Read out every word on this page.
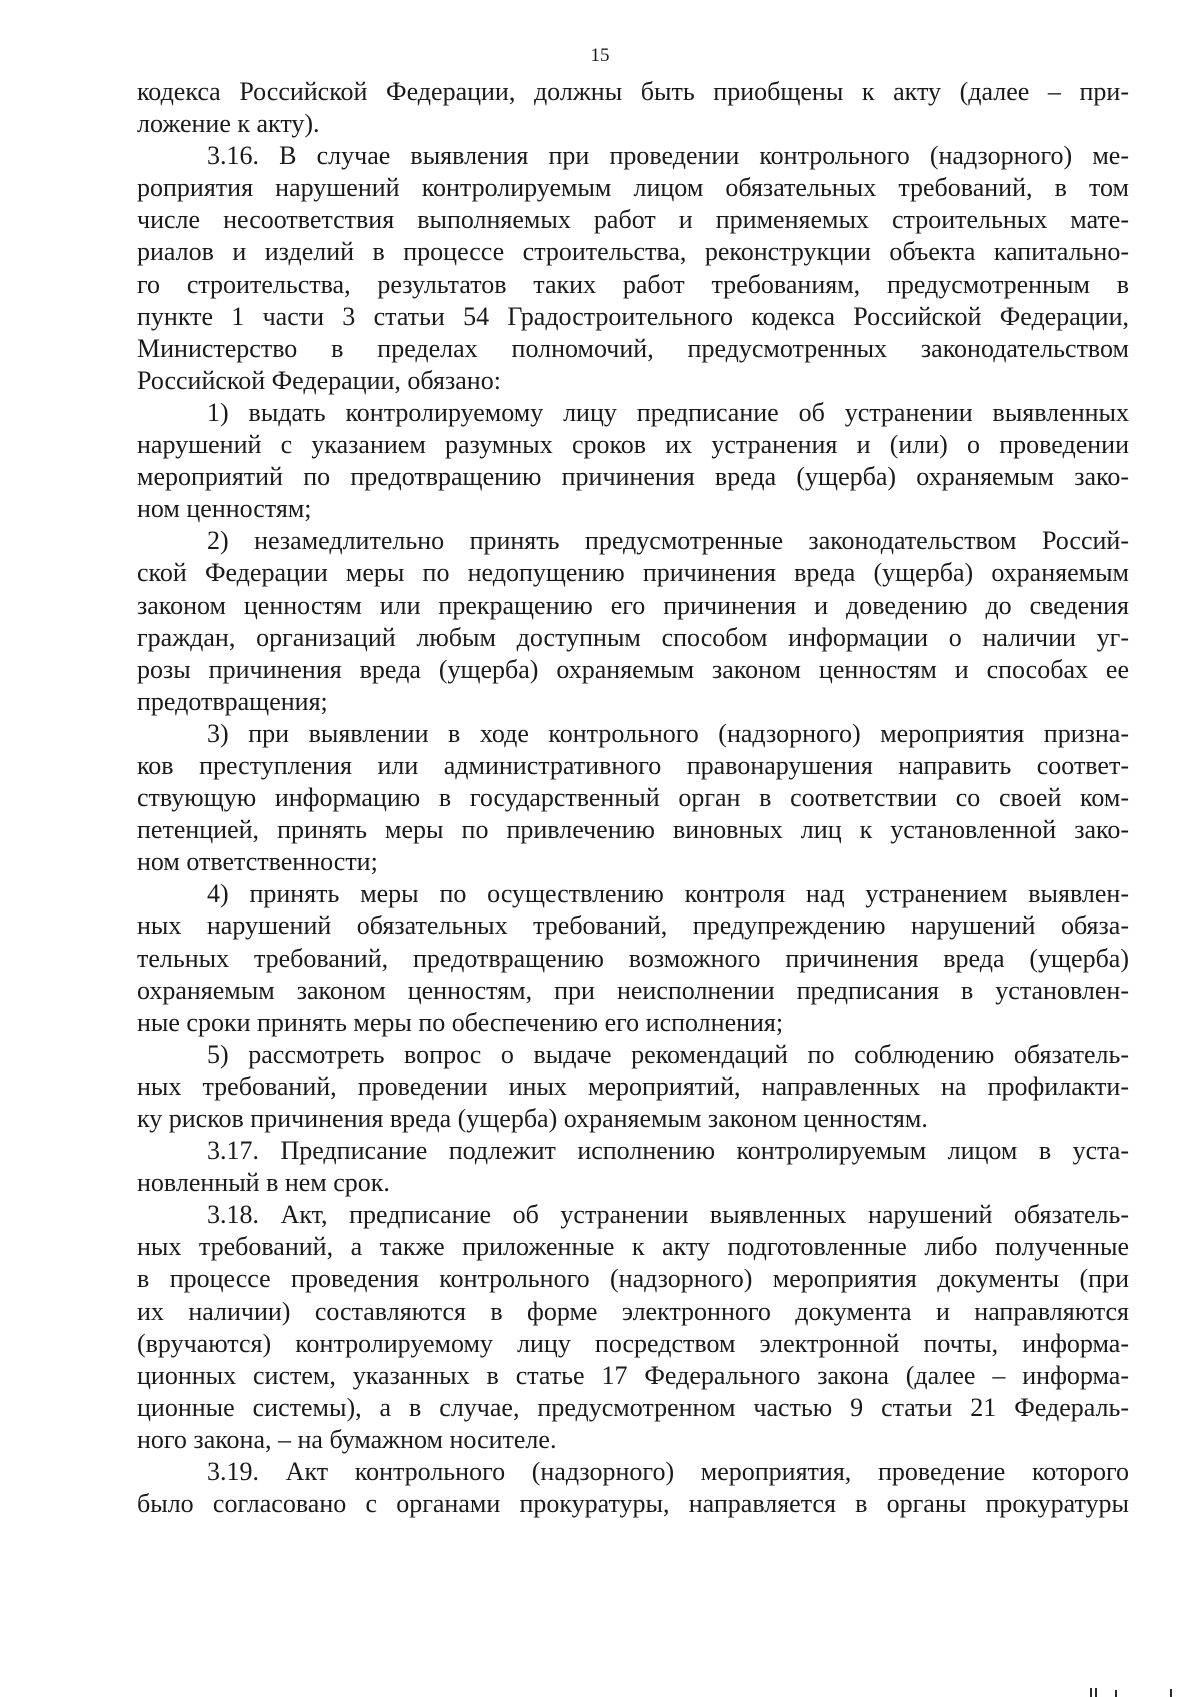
15
кодекса Российской Федерации, должны быть приобщены к акту (далее – при-
ложение к акту).
3.16. В случае выявления при проведении контрольного (надзорного) ме-
роприятия нарушений контролируемым лицом обязательных требований, в том
числе несоответствия выполняемых работ и применяемых строительных мате-
риалов и изделий в процессе строительства, реконструкции объекта капитально-
го строительства, результатов таких работ требованиям, предусмотренным в
пункте 1 части 3 статьи 54 Градостроительного кодекса Российской Федерации,
Министерство в пределах полномочий, предусмотренных законодательством
Российской Федерации, обязано:
1) выдать контролируемому лицу предписание об устранении выявленных
нарушений с указанием разумных сроков их устранения и (или) о проведении
мероприятий по предотвращению причинения вреда (ущерба) охраняемым зако-
ном ценностям;
2) незамедлительно принять предусмотренные законодательством Россий-
ской Федерации меры по недопущению причинения вреда (ущерба) охраняемым
законом ценностям или прекращению его причинения и доведению до сведения
граждан, организаций любым доступным способом информации о наличии уг-
розы причинения вреда (ущерба) охраняемым законом ценностям и способах ее
предотвращения;
3) при выявлении в ходе контрольного (надзорного) мероприятия призна-
ков преступления или административного правонарушения направить соответ-
ствующую информацию в государственный орган в соответствии со своей ком-
петенцией, принять меры по привлечению виновных лиц к установленной зако-
ном ответственности;
4) принять меры по осуществлению контроля над устранением выявлен-
ных нарушений обязательных требований, предупреждению нарушений обяза-
тельных требований, предотвращению возможного причинения вреда (ущерба)
охраняемым законом ценностям, при неисполнении предписания в установлен-
ные сроки принять меры по обеспечению его исполнения;
5) рассмотреть вопрос о выдаче рекомендаций по соблюдению обязатель-
ных требований, проведении иных мероприятий, направленных на профилакти-
ку рисков причинения вреда (ущерба) охраняемым законом ценностям.
3.17. Предписание подлежит исполнению контролируемым лицом в уста-
новленный в нем срок.
3.18. Акт, предписание об устранении выявленных нарушений обязатель-
ных требований, а также приложенные к акту подготовленные либо полученные
в процессе проведения контрольного (надзорного) мероприятия документы (при
их наличии) составляются в форме электронного документа и направляются
(вручаются) контролируемому лицу посредством электронной почты, информа-
ционных систем, указанных в статье 17 Федерального закона (далее – информа-
ционные системы), а в случае, предусмотренном частью 9 статьи 21 Федераль-
ного закона, – на бумажном носителе.
3.19. Акт контрольного (надзорного) мероприятия, проведение которого
было согласовано с органами прокуратуры, направляется в органы прокуратуры
